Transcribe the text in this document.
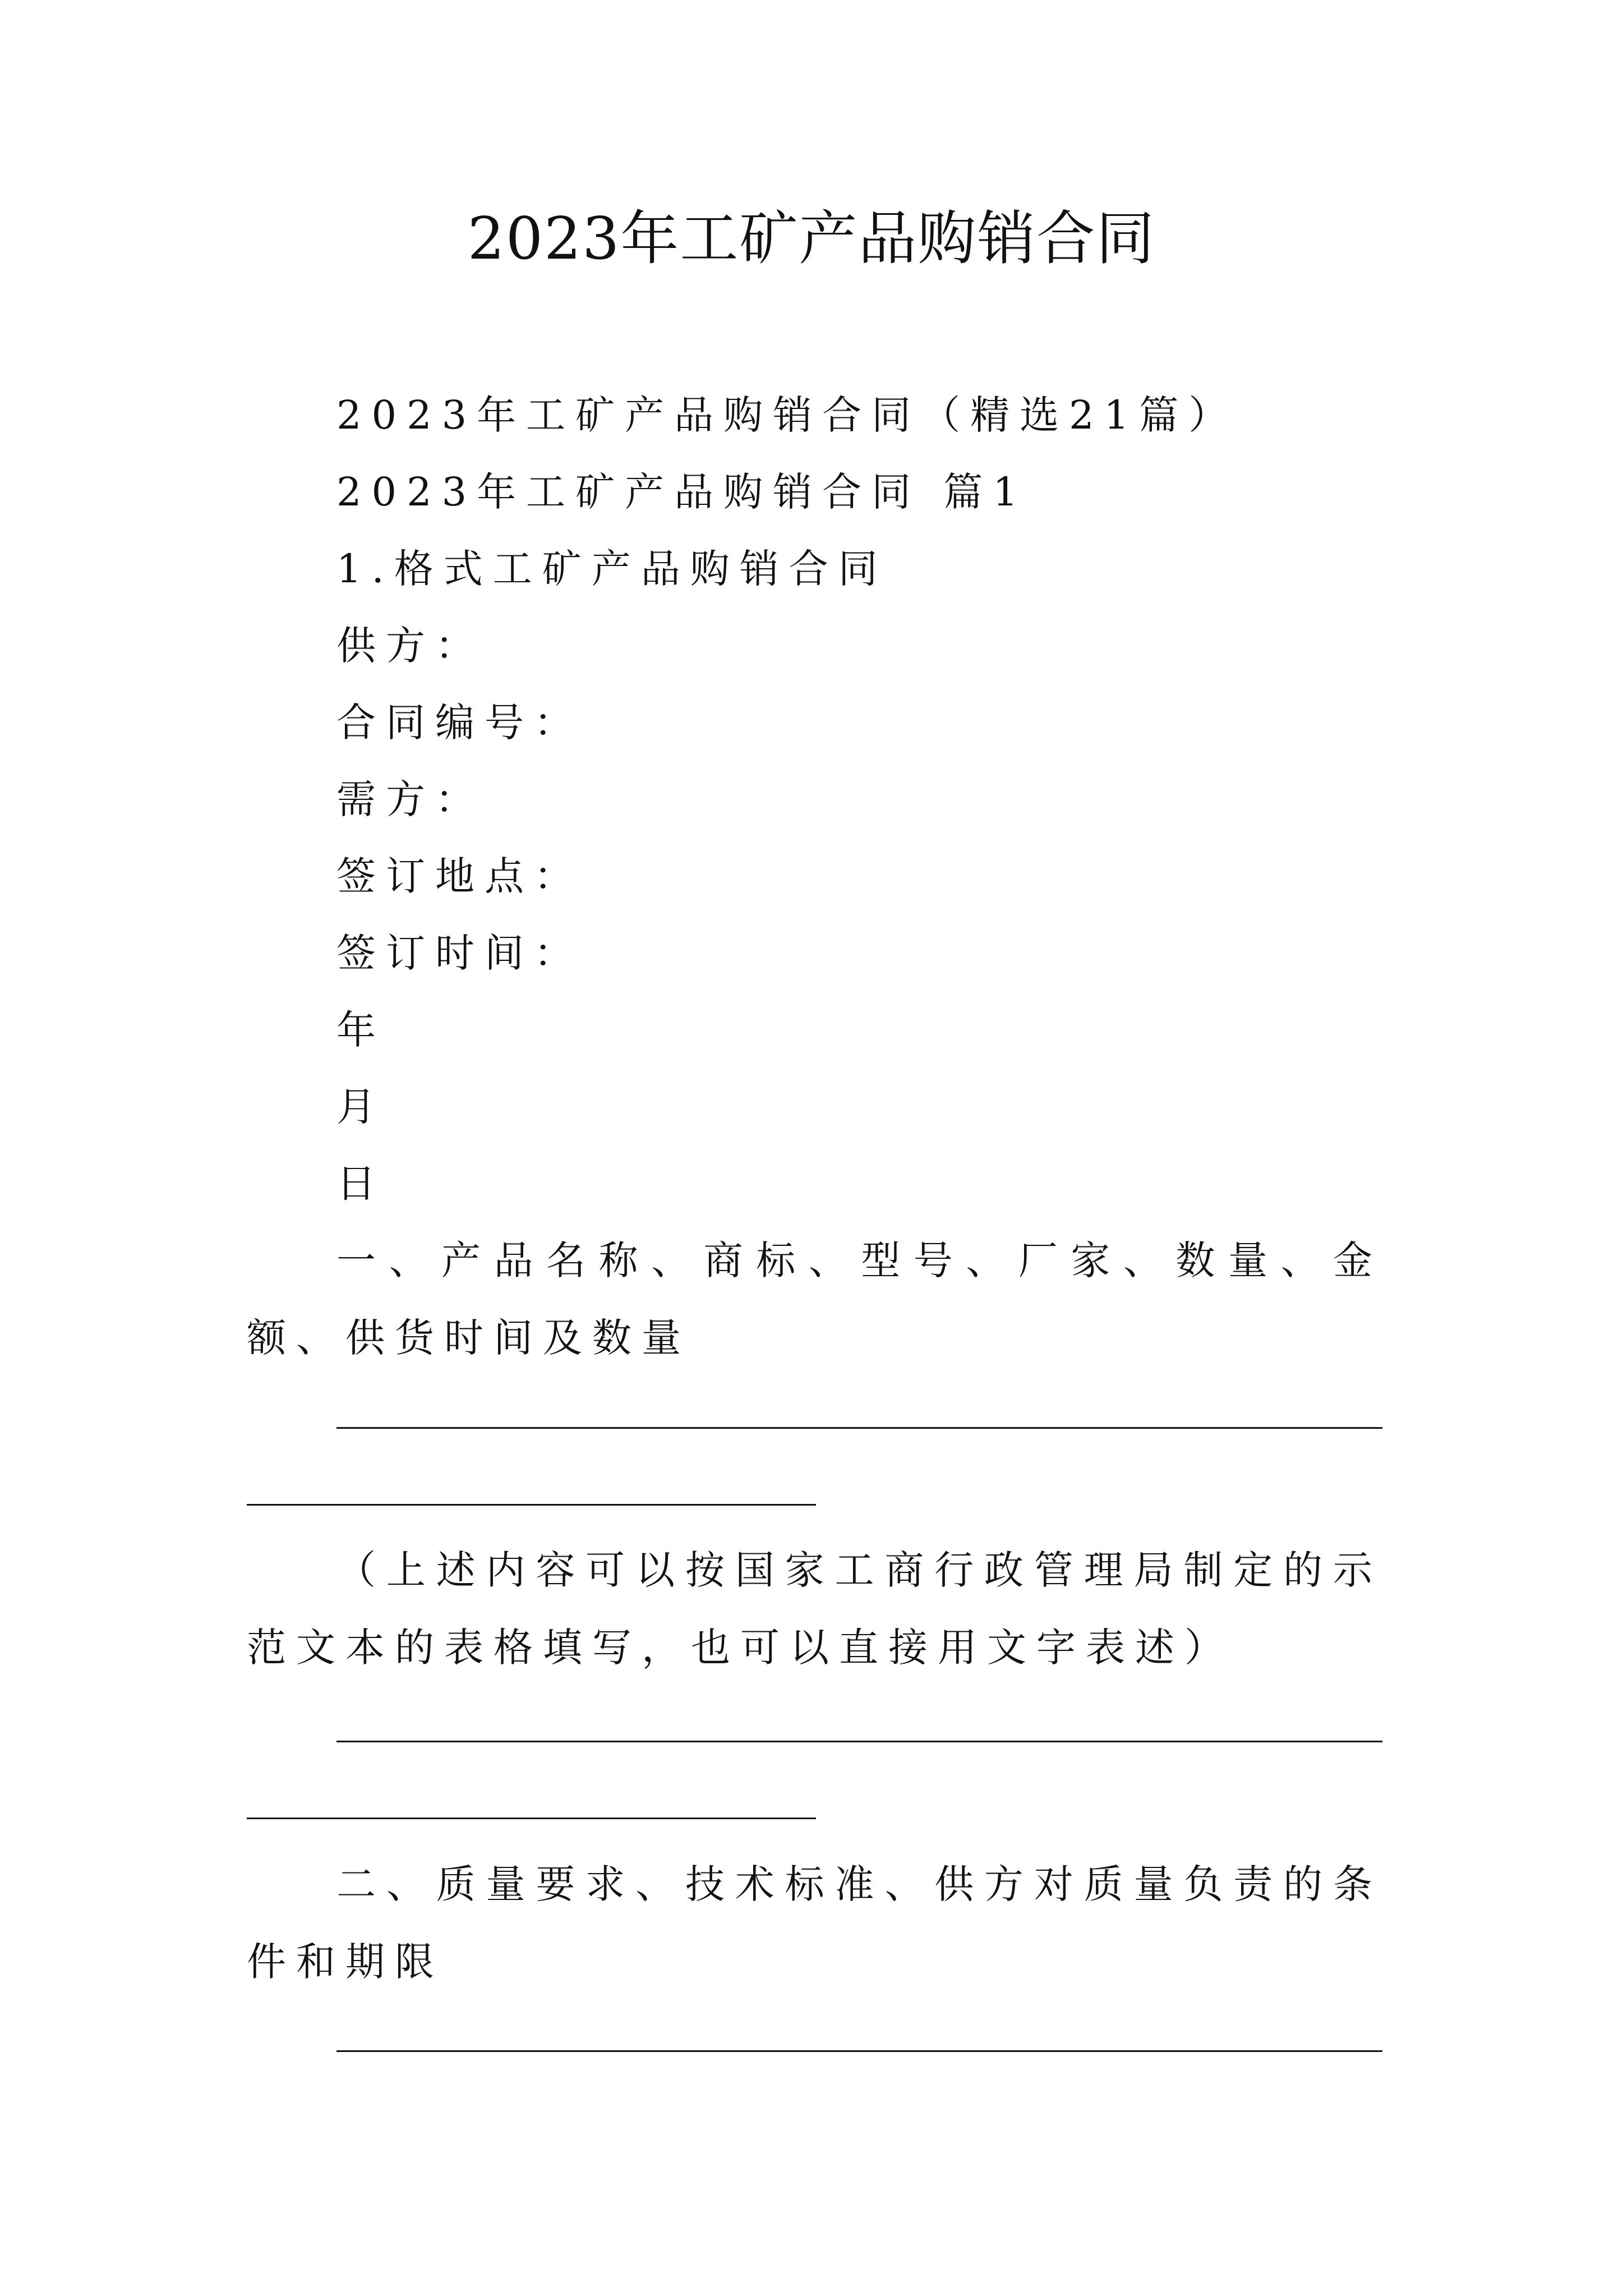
2023年工矿产品购销合同
2023年工矿产品购销合同（精选21篇）
2023年工矿产品购销合同 篇1
1.格式工矿产品购销合同
供方：
合同编号：
需方：
签订地点：
签订时间：
年
月
日
一、产品名称、商标、型号、厂家、数量、金额、供货时间及数量
（上述内容可以按国家工商行政管理局制定的示范文本的表格填写，也可以直接用文字表述）
二、质量要求、技术标准、供方对质量负责的条件和期限
